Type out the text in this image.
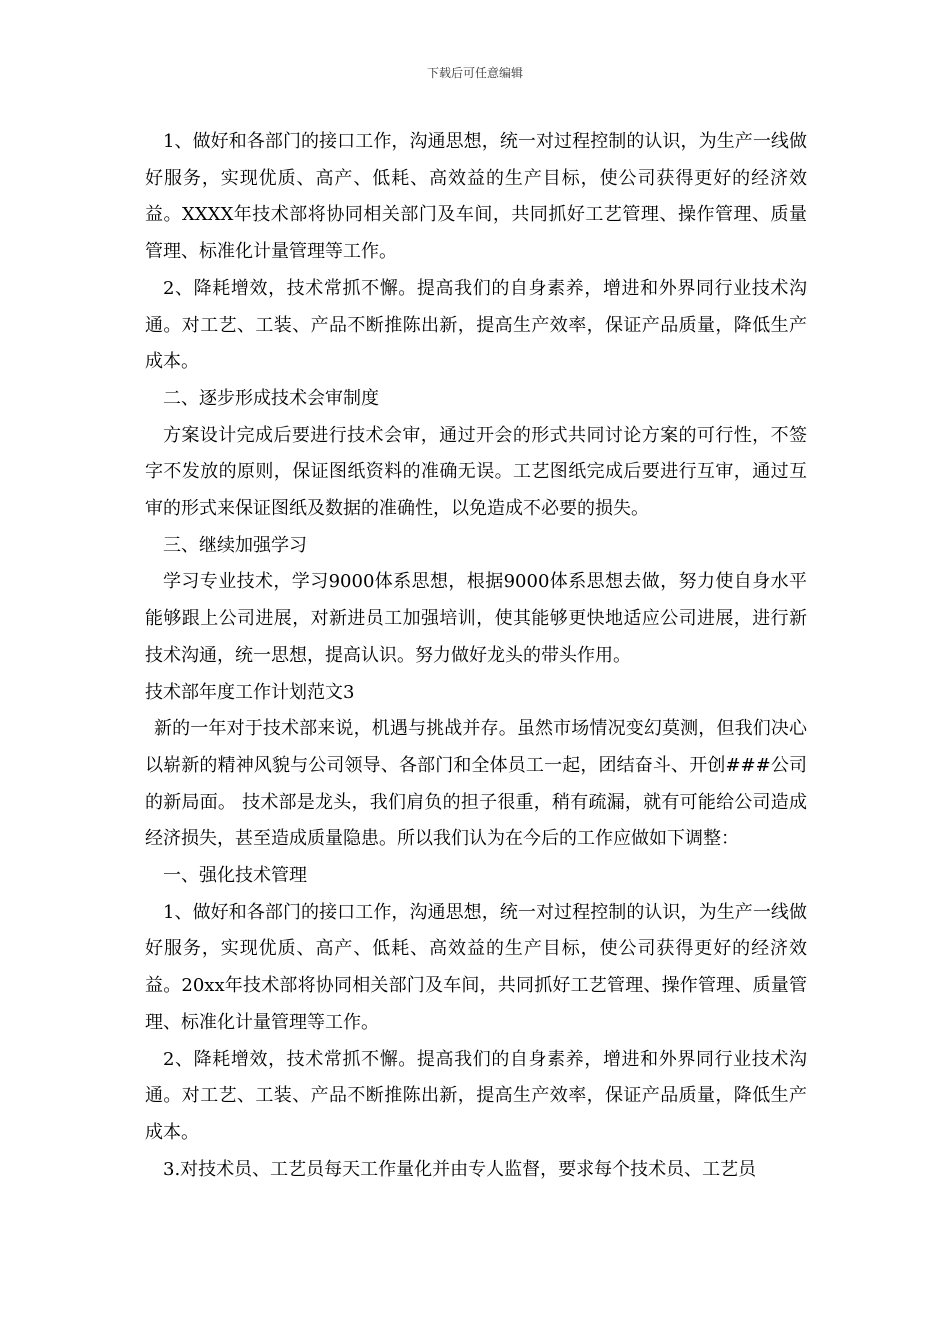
下载后可任意编辑

1、做好和各部门的接口工作，沟通思想，统一对过程控制的认识，为生产一线做好服务，实现优质、高产、低耗、高效益的生产目标，使公司获得更好的经济效益。XXXX年技术部将协同相关部门及车间，共同抓好工艺管理、操作管理、质量管理、标准化计量管理等工作。

2、降耗增效，技术常抓不懈。提高我们的自身素养，增进和外界同行业技术沟通。对工艺、工装、产品不断推陈出新，提高生产效率，保证产品质量，降低生产成本。

二、逐步形成技术会审制度

方案设计完成后要进行技术会审，通过开会的形式共同讨论方案的可行性，不签字不发放的原则，保证图纸资料的准确无误。工艺图纸完成后要进行互审，通过互审的形式来保证图纸及数据的准确性，以免造成不必要的损失。

三、继续加强学习

学习专业技术，学习9000体系思想，根据9000体系思想去做，努力使自身水平能够跟上公司进展，对新进员工加强培训，使其能够更快地适应公司进展，进行新技术沟通，统一思想，提高认识。努力做好龙头的带头作用。

技术部年度工作计划范文3

新的一年对于技术部来说，机遇与挑战并存。虽然市场情况变幻莫测，但我们决心以崭新的精神风貌与公司领导、各部门和全体员工一起，团结奋斗、开创###公司的新局面。 技术部是龙头，我们肩负的担子很重，稍有疏漏，就有可能给公司造成经济损失，甚至造成质量隐患。所以我们认为在今后的工作应做如下调整：

一、强化技术管理

1、做好和各部门的接口工作，沟通思想，统一对过程控制的认识，为生产一线做好服务，实现优质、高产、低耗、高效益的生产目标，使公司获得更好的经济效益。20xx年技术部将协同相关部门及车间，共同抓好工艺管理、操作管理、质量管理、标准化计量管理等工作。

2、降耗增效，技术常抓不懈。提高我们的自身素养，增进和外界同行业技术沟通。对工艺、工装、产品不断推陈出新，提高生产效率，保证产品质量，降低生产成本。

3.对技术员、工艺员每天工作量化并由专人监督，要求每个技术员、工艺员
